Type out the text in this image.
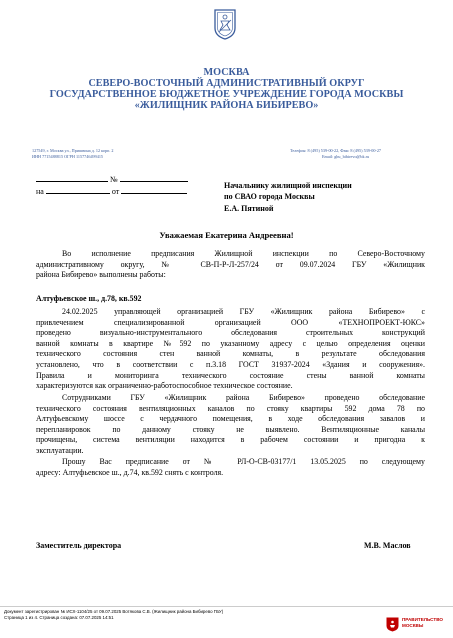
МОСКВА
СЕВЕРО-ВОСТОЧНЫЙ АДМИНИСТРАТИВНЫЙ ОКРУГ
ГОСУДАРСТВЕННОЕ БЮДЖЕТНОЕ УЧРЕЖДЕНИЕ ГОРОДА МОСКВЫ
«ЖИЛИЩНИК РАЙОНА БИБИРЕВО»
127549, г. Москва ул., Пришвина д. 12 корп. 2
ИНН 7715488815 ОГРН 1157746499415
Телефон: 8 (495) 539-00-22, Факс 8 (495) 539-00-27
Email: gbu_bibirevo@bk.ru
№
на	от
Начальнику жилищной инспекции
по СВАО города Москвы
Е.А. Пятиной
Уважаемая Екатерина Андреевна!
Во исполнение предписания Жилищной инспекции по Северо-Восточному
административному округу, № СВ-П-Р-Л-257/24 от 09.07.2024 ГБУ «Жилищник
района Бибирево» выполнены работы:
Алтуфьевское ш., д.78, кв.592
24.02.2025 управляющей организацией ГБУ «Жилищник района Бибирево» с
привлечением специализированной организацией ООО «ТЕХНОПРОЕКТ-ЮКС»
проведено визуально-инструментального обследования строительных конструкций
ванной комнаты в квартире №592 по указанному адресу с целью определения оценки
технического состояния стен ванной комнаты, в результате обследования
установлено, что в соответствии с п.3.18 ГОСТ 31937-2024 «Здания и сооружения».
Правила и мониторинга технического состояние стены ванной комнаты
характеризуются как ограниченно-работоспособное техническое состояние.
Сотрудниками ГБУ «Жилищник района Бибирево» проведено обследование
технического состояния вентиляционных каналов по стояку квартиры 592 дома 78 по
Алтуфьевскому шоссе с чердачного помещения, в ходе обследования завалов и
перепланировок по данному стояку не выявлено. Вентиляционные каналы
прочищены, система вентиляции находится в рабочем состоянии и пригодна к
эксплуатации.
Прошу Вас предписание от № РЛ-О-СВ-03177/1 13.05.2025 по следующему
адресу: Алтуфьевское ш., д.74, кв.592 снять с контроля.
Заместитель директора	М.В. Маслов
Документ зарегистрирован № ИСХ-1104/25 от 09.07.2025 Вотякова С.В. (Жилищник района Бибирево ГБУ)
Страница 1 из 4. Страница создана: 07.07.2025 14:51	ПРАВИТЕЛЬСТВО
МОСКВЫ
